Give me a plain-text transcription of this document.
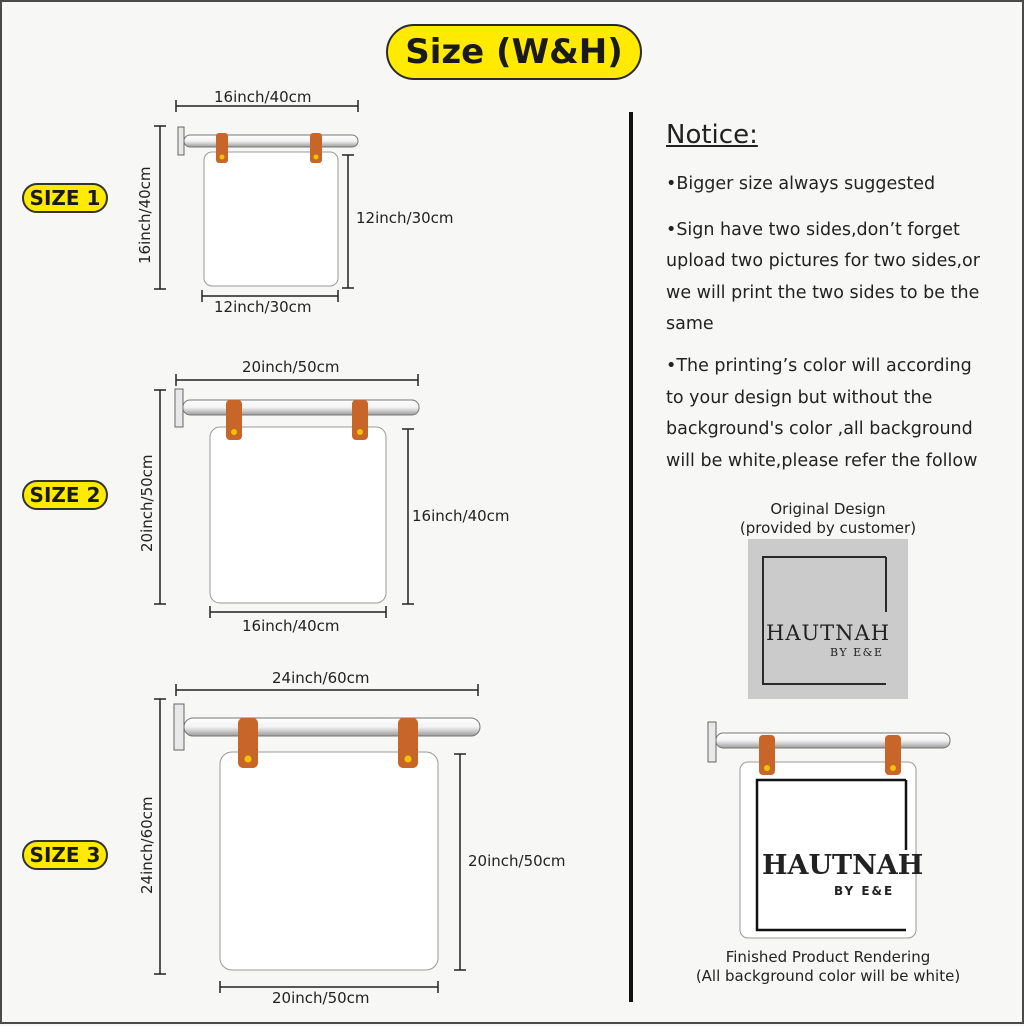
Size (W&H)
SIZE 1
SIZE 2
SIZE 3
16inch/40cm
16inch/40cm	12inch/30cm
12inch/30cm
20inch/50cm
20inch/50cm	16inch/40cm
16inch/40cm
24inch/60cm
24inch/60cm	20inch/50cm
20inch/50cm
Notice:
•Bigger size always suggested
•Sign have two sides,don’t forget
upload two pictures for two sides,or
we will print the two sides to be the
same
•The printing’s color will according
to your design but without the
background's color ,all background
will be white,please refer the follow
Original Design
(provided by customer)
HAUTNAH
BY E&E
HAUTNAH
BY E&E
Finished Product Rendering
(All background color will be white)
